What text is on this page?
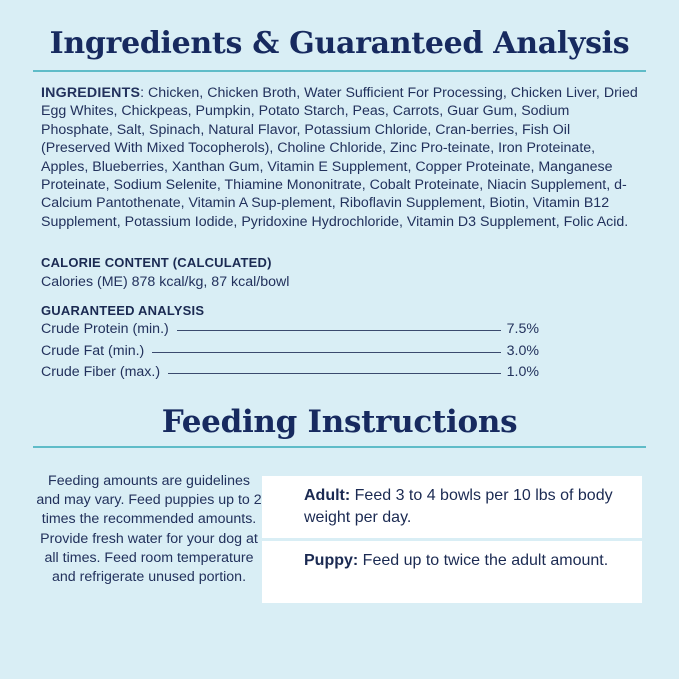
Ingredients & Guaranteed Analysis
INGREDIENTS: Chicken, Chicken Broth, Water Sufficient For Processing, Chicken Liver, Dried Egg Whites, Chickpeas, Pumpkin, Potato Starch, Peas, Carrots, Guar Gum, Sodium Phosphate, Salt, Spinach, Natural Flavor, Potassium Chloride, Cran-berries, Fish Oil (Preserved With Mixed Tocopherols), Choline Chloride, Zinc Pro-teinate, Iron Proteinate, Apples, Blueberries, Xanthan Gum, Vitamin E Supplement, Copper Proteinate, Manganese Proteinate, Sodium Selenite, Thiamine Mononitrate, Cobalt Proteinate, Niacin Supplement, d-Calcium Pantothenate, Vitamin A Sup-plement, Riboflavin Supplement, Biotin, Vitamin B12 Supplement, Potassium Iodide, Pyridoxine Hydrochloride, Vitamin D3 Supplement, Folic Acid.
CALORIE CONTENT (CALCULATED)
Calories (ME) 878 kcal/kg, 87 kcal/bowl
GUARANTEED ANALYSIS
Crude Protein (min.)	7.5%
Crude Fat (min.)	3.0%
Crude Fiber (max.)	1.0%
Feeding Instructions
Feeding amounts are guidelines and may vary. Feed puppies up to 2 times the recommended amounts. Provide fresh water for your dog at all times. Feed room temperature and refrigerate unused portion.
Adult: Feed 3 to 4 bowls per 10 lbs of body weight per day.
Puppy: Feed up to twice the adult amount.
